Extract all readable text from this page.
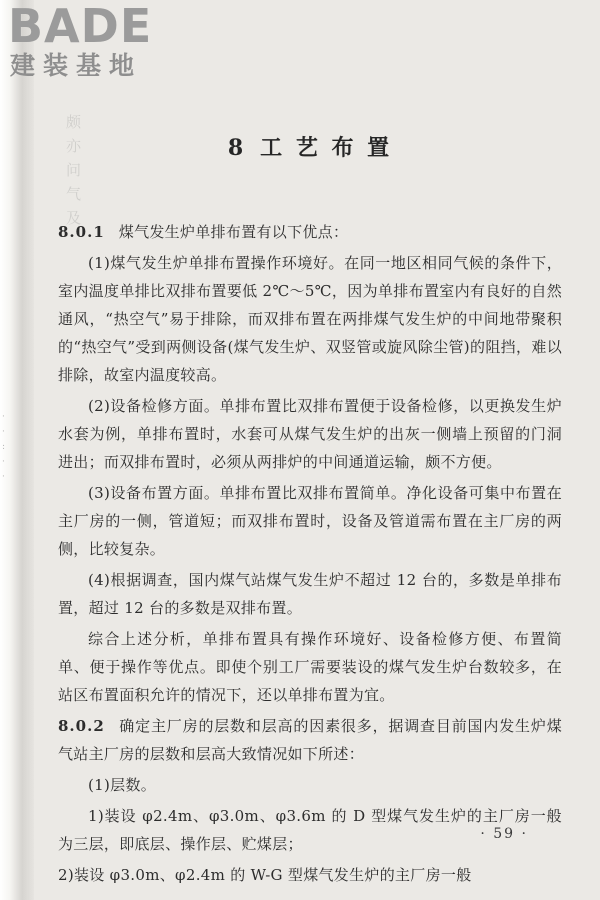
颇
亦
问
气
及
·
·
:
·
·
BADE
建装基地
8 工 艺 布 置

8.0.1 煤气发生炉单排布置有以下优点：

(1)煤气发生炉单排布置操作环境好。在同一地区相同气候的条件下，室内温度单排比双排布置要低 2℃～5℃，因为单排布置室内有良好的自然通风，“热空气”易于排除，而双排布置在两排煤气发生炉的中间地带聚积的“热空气”受到两侧设备(煤气发生炉、双竖管或旋风除尘管)的阻挡，难以排除，故室内温度较高。

(2)设备检修方面。单排布置比双排布置便于设备检修，以更换发生炉水套为例，单排布置时，水套可从煤气发生炉的出灰一侧墙上预留的门洞进出；而双排布置时，必须从两排炉的中间通道运输，颇不方便。

(3)设备布置方面。单排布置比双排布置简单。净化设备可集中布置在主厂房的一侧，管道短；而双排布置时，设备及管道需布置在主厂房的两侧，比较复杂。

(4)根据调查，国内煤气站煤气发生炉不超过 12 台的，多数是单排布置，超过 12 台的多数是双排布置。

综合上述分析，单排布置具有操作环境好、设备检修方便、布置简单、便于操作等优点。即使个别工厂需要装设的煤气发生炉台数较多，在站区布置面积允许的情况下，还以单排布置为宜。

8.0.2 确定主厂房的层数和层高的因素很多，据调查目前国内发生炉煤气站主厂房的层数和层高大致情况如下所述：

(1)层数。

1)装设 φ2.4m、φ3.0m、φ3.6m 的 D 型煤气发生炉的主厂房一般为三层，即底层、操作层、贮煤层；

2)装设 φ3.0m、φ2.4m 的 W-G 型煤气发生炉的主厂房一般

· 59 ·
